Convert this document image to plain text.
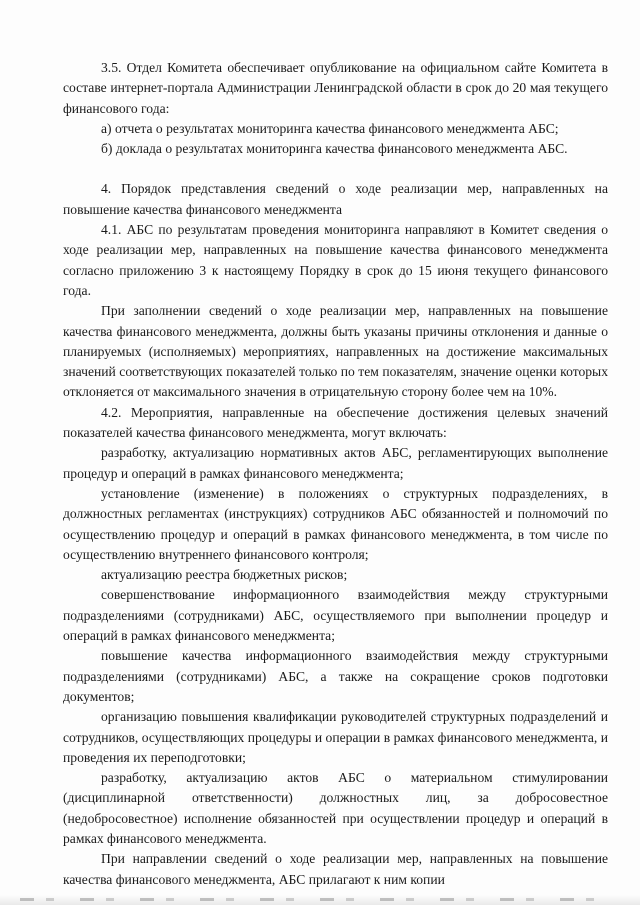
3.5. Отдел Комитета обеспечивает опубликование на официальном сайте Комитета в составе интернет-портала Администрации Ленинградской области в срок до 20 мая текущего финансового года:

а) отчета о результатах мониторинга качества финансового менеджмента АБС;

б) доклада о результатах мониторинга качества финансового менеджмента АБС.

4. Порядок представления сведений о ходе реализации мер, направленных на повышение качества финансового менеджмента

4.1. АБС по результатам проведения мониторинга направляют в Комитет сведения о ходе реализации мер, направленных на повышение качества финансового менеджмента согласно приложению 3 к настоящему Порядку в срок до 15 июня текущего финансового года.

При заполнении сведений о ходе реализации мер, направленных на повышение качества финансового менеджмента, должны быть указаны причины отклонения и данные о планируемых (исполняемых) мероприятиях, направленных на достижение максимальных значений соответствующих показателей только по тем показателям, значение оценки которых отклоняется от максимального значения в отрицательную сторону более чем на 10%.

4.2. Мероприятия, направленные на обеспечение достижения целевых значений показателей качества финансового менеджмента, могут включать:

разработку, актуализацию нормативных актов АБС, регламентирующих выполнение процедур и операций в рамках финансового менеджмента;

установление (изменение) в положениях о структурных подразделениях, в должностных регламентах (инструкциях) сотрудников АБС обязанностей и полномочий по осуществлению процедур и операций в рамках финансового менеджмента, в том числе по осуществлению внутреннего финансового контроля;

актуализацию реестра бюджетных рисков;

совершенствование информационного взаимодействия между структурными подразделениями (сотрудниками) АБС, осуществляемого при выполнении процедур и операций в рамках финансового менеджмента;

повышение качества информационного взаимодействия между структурными подразделениями (сотрудниками) АБС, а также на сокращение сроков подготовки документов;

организацию повышения квалификации руководителей структурных подразделений и сотрудников, осуществляющих процедуры и операции в рамках финансового менеджмента, и проведения их переподготовки;

разработку, актуализацию актов АБС о материальном стимулировании (дисциплинарной ответственности) должностных лиц, за добросовестное (недобросовестное) исполнение обязанностей при осуществлении процедур и операций в рамках финансового менеджмента.

При направлении сведений о ходе реализации мер, направленных на повышение качества финансового менеджмента, АБС прилагают к ним копии
